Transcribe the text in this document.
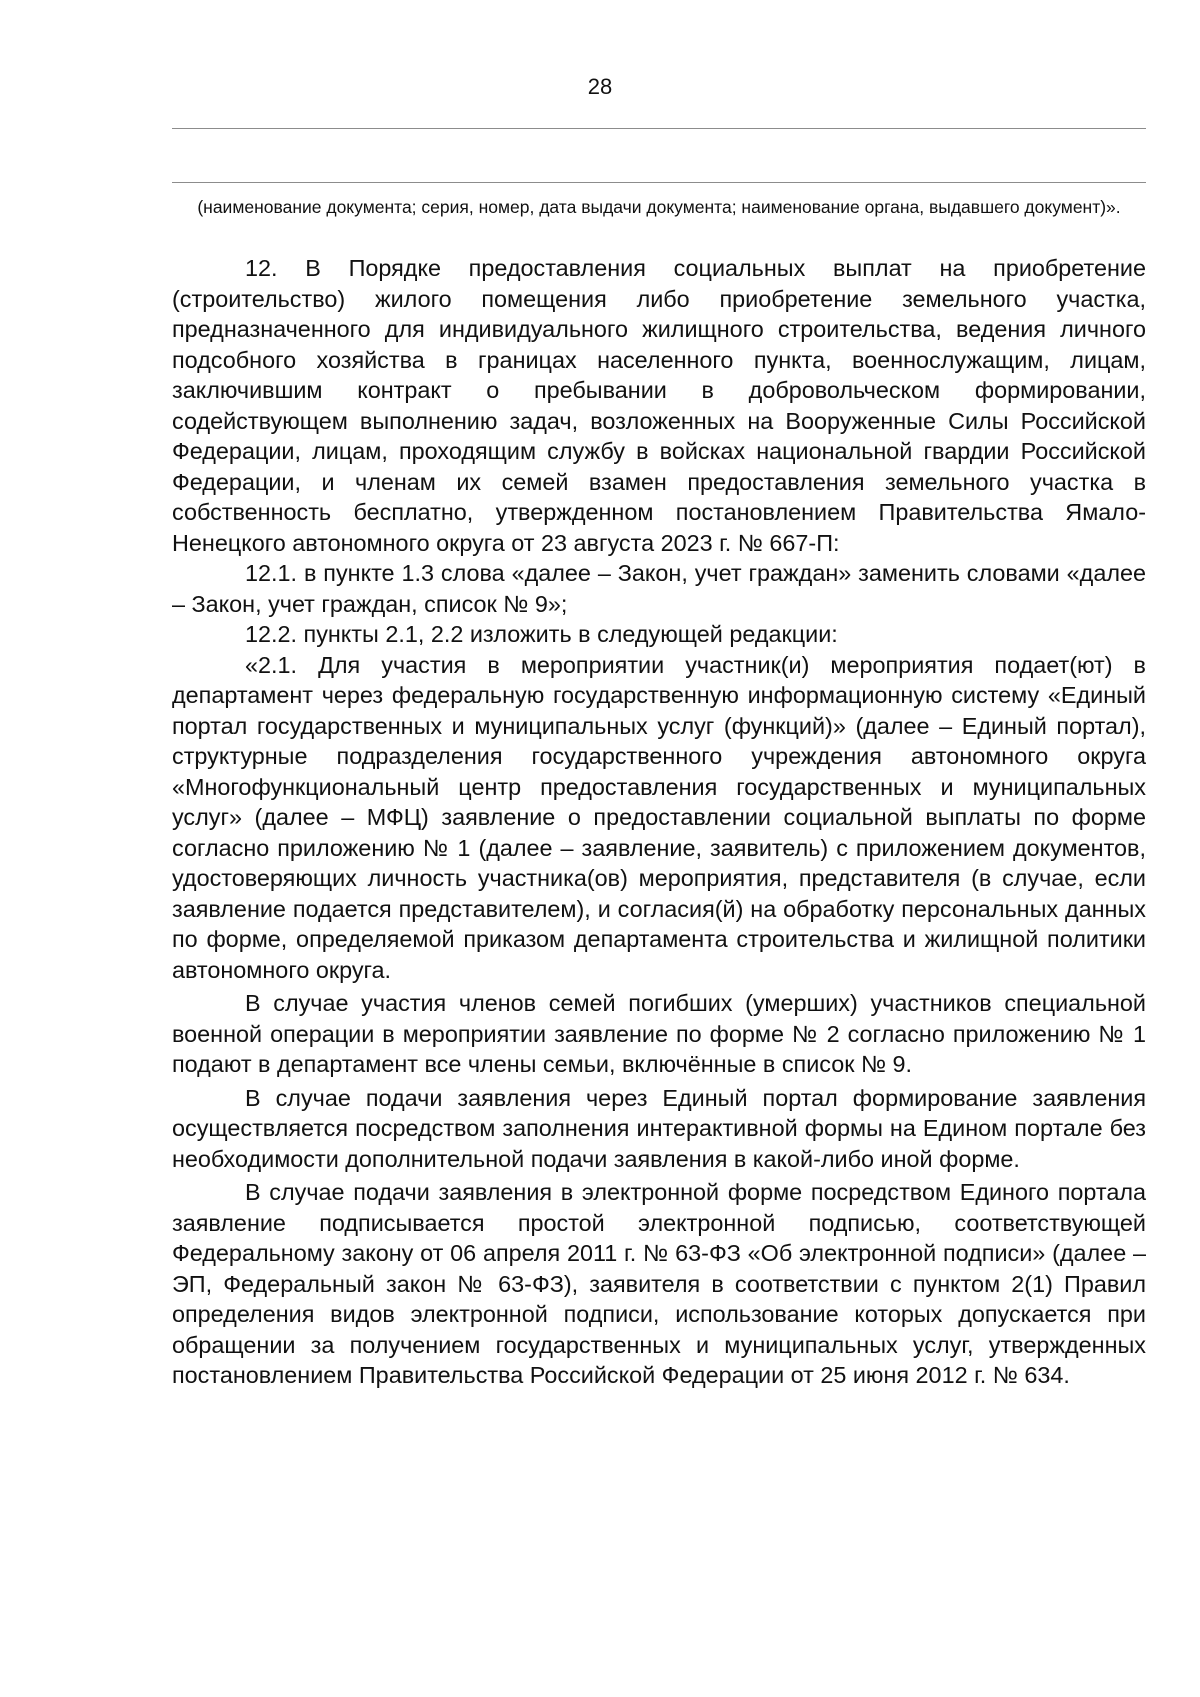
28
(наименование документа; серия, номер, дата выдачи документа; наименование органа, выдавшего документ)».

12. В Порядке предоставления социальных выплат на приобретение (строительство) жилого помещения либо приобретение земельного участка, предназначенного для индивидуального жилищного строительства, ведения личного подсобного хозяйства в границах населенного пункта, военнослужащим, лицам, заключившим контракт о пребывании в добровольческом формировании, содействующем выполнению задач, возложенных на Вооруженные Силы Российской Федерации, лицам, проходящим службу в войсках национальной гвардии Российской Федерации, и членам их семей взамен предоставления земельного участка в собственность бесплатно, утвержденном постановлением Правительства Ямало-Ненецкого автономного округа от 23 августа 2023 г. № 667-П:

12.1. в пункте 1.3 слова «далее – Закон, учет граждан» заменить словами «далее – Закон, учет граждан, список № 9»;

12.2. пункты 2.1, 2.2 изложить в следующей редакции:

«2.1. Для участия в мероприятии участник(и) мероприятия подает(ют) в департамент через федеральную государственную информационную систему «Единый портал государственных и муниципальных услуг (функций)» (далее – Единый портал), структурные подразделения государственного учреждения автономного округа «Многофункциональный центр предоставления государственных и муниципальных услуг» (далее – МФЦ) заявление о предоставлении социальной выплаты по форме согласно приложению № 1 (далее – заявление, заявитель) с приложением документов, удостоверяющих личность участника(ов) мероприятия, представителя (в случае, если заявление подается представителем), и согласия(й) на обработку персональных данных по форме, определяемой приказом департамента строительства и жилищной политики автономного округа.

В случае участия членов семей погибших (умерших) участников специальной военной операции в мероприятии заявление по форме № 2 согласно приложению № 1 подают в департамент все члены семьи, включённые в список № 9.

В случае подачи заявления через Единый портал формирование заявления осуществляется посредством заполнения интерактивной формы на Едином портале без необходимости дополнительной подачи заявления в какой-либо иной форме.

В случае подачи заявления в электронной форме посредством Единого портала заявление подписывается простой электронной подписью, соответствующей Федеральному закону от 06 апреля 2011 г. № 63-ФЗ «Об электронной подписи» (далее – ЭП, Федеральный закон № 63-ФЗ), заявителя в соответствии с пунктом 2(1) Правил определения видов электронной подписи, использование которых допускается при обращении за получением государственных и муниципальных услуг, утвержденных постановлением Правительства Российской Федерации от 25 июня 2012 г. № 634.
